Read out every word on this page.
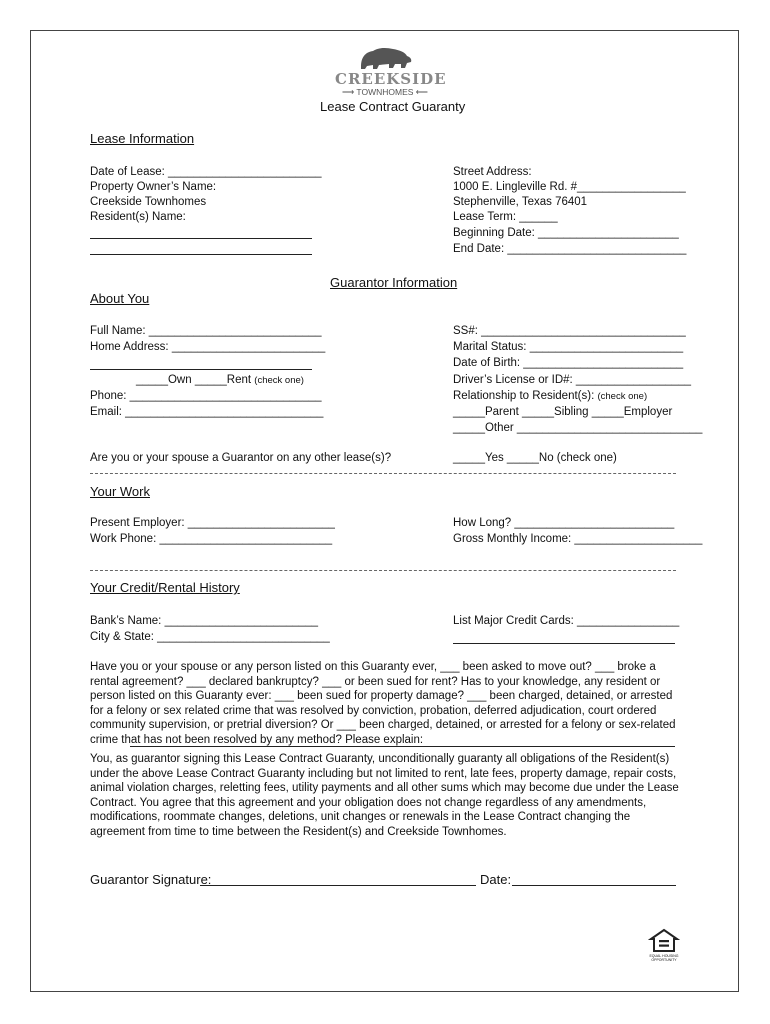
CREEKSIDE
⟶ TOWNHOMES ⟵
Lease Contract Guaranty
Lease Information
Date of Lease: ________________________
Property Owner’s Name:
Creekside Townhomes
Resident(s) Name:
Street Address:
1000 E. Lingleville Rd. #_________________
Stephenville, Texas 76401
Lease Term: ______
Beginning Date: ______________________
End Date: ____________________________
Guarantor Information
About You
Full Name: ___________________________
Home Address: ________________________
_____Own _____Rent (check one)
Phone: ______________________________
Email: _______________________________
SS#: ________________________________
Marital Status: ________________________
Date of Birth: _________________________
Driver’s License or ID#: __________________
Relationship to Resident(s): (check one)
_____Parent _____Sibling _____Employer
_____Other _____________________________
Are you or your spouse a Guarantor on any other lease(s)?	_____Yes _____No (check one)
Your Work
Present Employer: _______________________
Work Phone: ___________________________
How Long? _________________________
Gross Monthly Income: ____________________
Your Credit/Rental History
Bank’s Name: ________________________
City & State: ___________________________
List Major Credit Cards: ________________
Have you or your spouse or any person listed on this Guaranty ever, ___ been asked to move out? ___ broke a rental agreement? ___ declared bankruptcy? ___ or been sued for rent? Has to your knowledge, any resident or person listed on this Guaranty ever: ___ been sued for property damage? ___ been charged, detained, or arrested for a felony or sex related crime that was resolved by conviction, probation, deferred adjudication, court ordered community supervision, or pretrial diversion? Or ___ been charged, detained, or arrested for a felony or sex-related crime that has not been resolved by any method? Please explain:
You, as guarantor signing this Lease Contract Guaranty, unconditionally guaranty all obligations of the Resident(s) under the above Lease Contract Guaranty including but not limited to rent, late fees, property damage, repair costs, animal violation charges, reletting fees, utility payments and all other sums which may become due under the Lease Contract. You agree that this agreement and your obligation does not change regardless of any amendments, modifications, roommate changes, deletions, unit changes or renewals in the Lease Contract changing the agreement from time to time between the Resident(s) and Creekside Townhomes.
Guarantor Signature:	Date:
EQUAL HOUSING OPPORTUNITY
